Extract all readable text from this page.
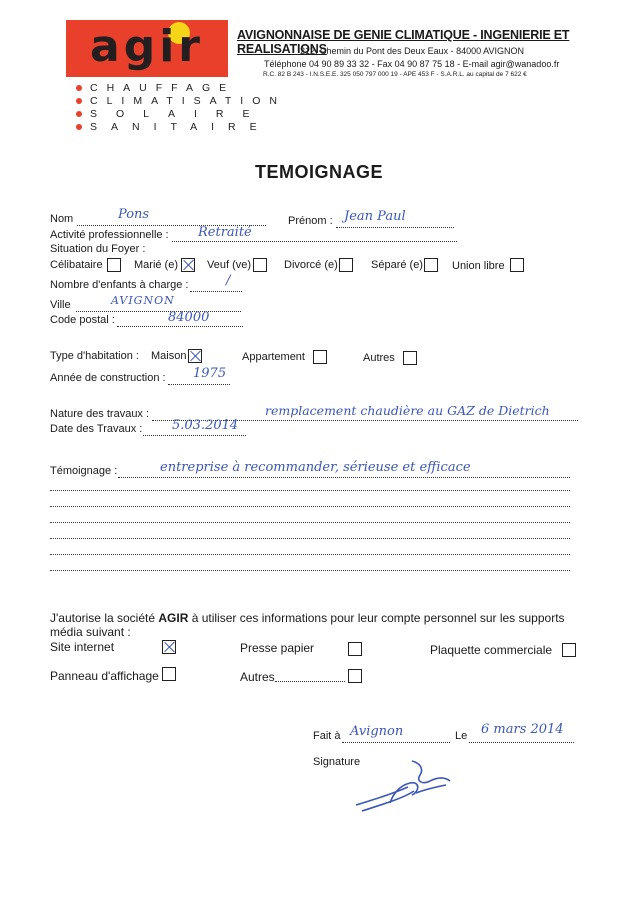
agir
CHAUFFAGE
CLIMATISATION
SOLAIRE
SANITAIRE
AVIGNONNAISE DE GENIE CLIMATIQUE - INGENIERIE ET REALISATIONS
212, Chemin du Pont des Deux Eaux - 84000 AVIGNON
Téléphone 04 90 89 33 32 - Fax 04 90 87 75 18 - E-mail agir@wanadoo.fr
R.C. 82 B 243 - I.N.S.E.E. 325 050 797 000 19 - APE 453 F - S.A.R.L. au capital de 7 622 €
TEMOIGNAGE
Nom	Pons	Prénom : Jean Paul
Activité professionnelle : Retraité
Situation du Foyer :
Célibataire	Marié (e)	Veuf (ve)	Divorcé (e)	Séparé (e)	Union libre
Nombre d'enfants à charge :	/
Ville	AVIGNON
Code postal :	84000
Type d'habitation : Maison	Appartement	Autres
Année de construction : 1975
Nature des travaux :	remplacement chaudière au GAZ de Dietrich
Date des Travaux : 5.03.2014
Témoignage :	entreprise à recommander, sérieuse et efficace
J'autorise la société AGIR à utiliser ces informations pour leur compte personnel sur les supports média suivant :
Site internet	Presse papier	Plaquette commerciale
Panneau d'affichage	Autres
Fait à Avignon	Le 6 mars 2014
Signature
